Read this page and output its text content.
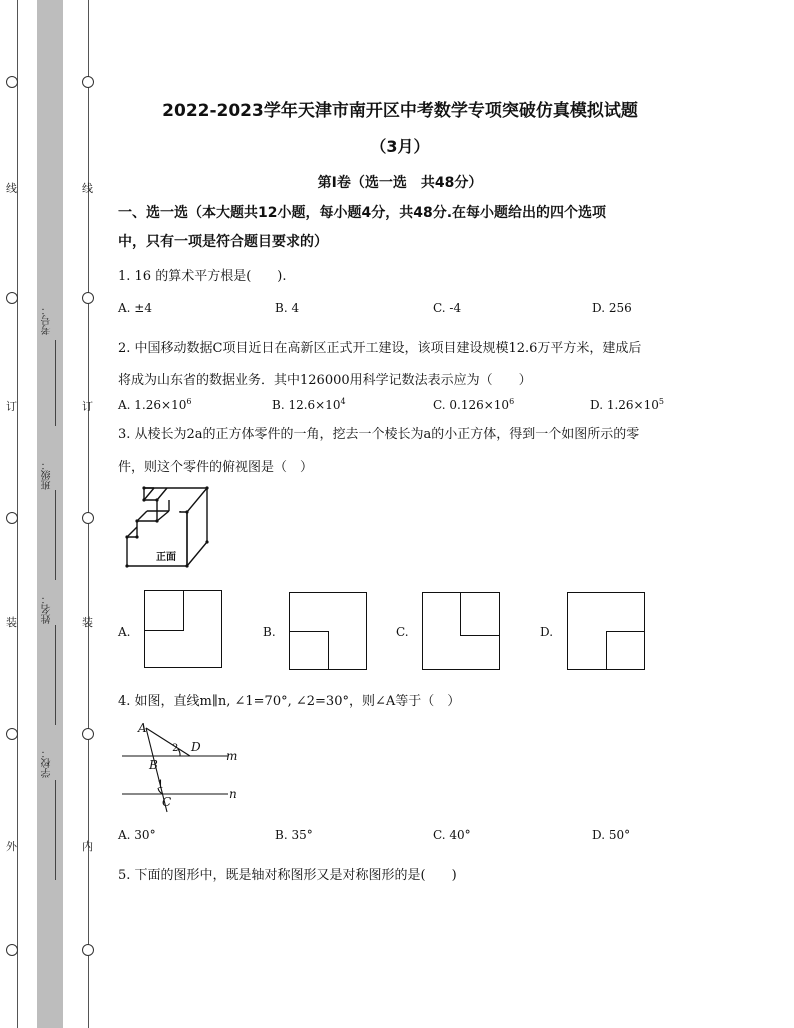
线
订
装
外
线
订
装
内
考号：
班级：
姓名：
学校：
2022-2023学年天津市南开区中考数学专项突破仿真模拟试题
（3月）
第Ⅰ卷（选一选　共48分）
一、选一选（本大题共12小题，每小题4分，共48分.在每小题给出的四个选项
中，只有一项是符合题目要求的）
1. 16 的算术平方根是(　　).
A. ±4	B. 4	C. -4	D. 256
2. 中国移动数据C项目近日在高新区正式开工建设，该项目建设规模12.6万平方米，建成后
将成为山东省的数据业务．其中126000用科学记数法表示应为（　　）
A. $1.26\times 10^6$	B. $12.6\times 10^4$	C. $0.126\times 10^6$	D. $1.26\times 10^5$
3. 从棱长为2a的正方体零件的一角，挖去一个棱长为a的小正方体，得到一个如图所示的零
件，则这个零件的俯视图是（　）
正面
A.	B.	C.	D.
4. 如图，直线m∥n, ∠1=70°, ∠2=30°，则∠A等于（　）
A
D
2
m
B
1
n
C
A. 30°	B. 35°	C. 40°	D. 50°
5. 下面的图形中，既是轴对称图形又是对称图形的是(　　)
